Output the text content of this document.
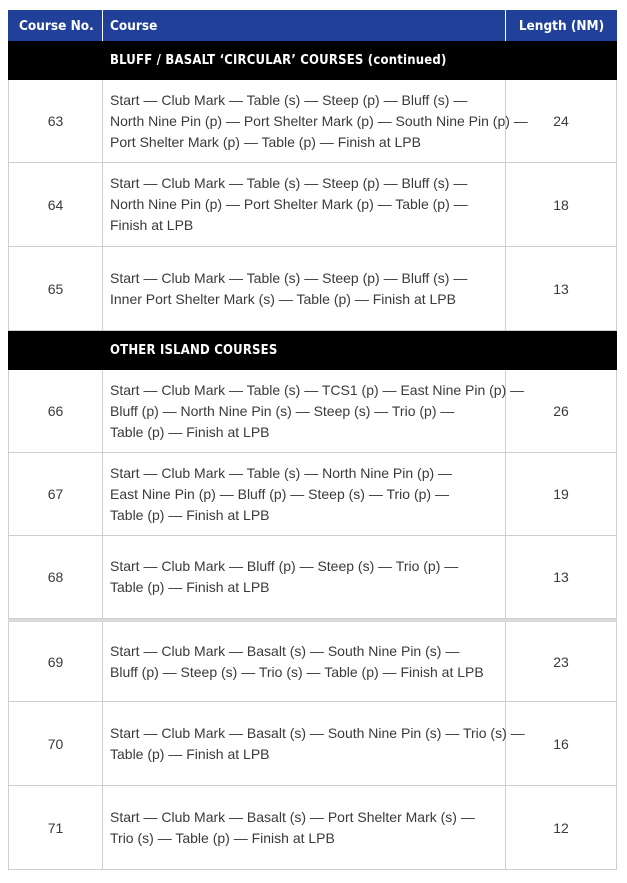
Course No.	Course	Length (NM)
BLUFF / BASALT ‘CIRCULAR’ COURSES (continued)
63
Start — Club Mark — Table (s) — Steep (p) — Bluff (s) —
North Nine Pin (p) — Port Shelter Mark (p) — South Nine Pin (p) —
Port Shelter Mark (p) — Table (p) — Finish at LPB
24
64
Start — Club Mark — Table (s) — Steep (p) — Bluff (s) —
North Nine Pin (p) — Port Shelter Mark (p) — Table (p) —
Finish at LPB
18
65
Start — Club Mark — Table (s) — Steep (p) — Bluff (s) —
Inner Port Shelter Mark (s) — Table (p) — Finish at LPB
13
OTHER ISLAND COURSES
66
Start — Club Mark — Table (s) — TCS1 (p) — East Nine Pin (p) —
Bluff (p) — North Nine Pin (s) — Steep (s) — Trio (p) —
Table (p) — Finish at LPB
26
67
Start — Club Mark — Table (s) — North Nine Pin (p) —
East Nine Pin (p) — Bluff (p) — Steep (s) — Trio (p) —
Table (p) — Finish at LPB
19
68
Start — Club Mark — Bluff (p) — Steep (s) — Trio (p) —
Table (p) — Finish at LPB
13
69
Start — Club Mark — Basalt (s) — South Nine Pin (s) —
Bluff (p) — Steep (s) — Trio (s) — Table (p) — Finish at LPB
23
70
Start — Club Mark — Basalt (s) — South Nine Pin (s) — Trio (s) —
Table (p) — Finish at LPB
16
71
Start — Club Mark — Basalt (s) — Port Shelter Mark (s) —
Trio (s) — Table (p) — Finish at LPB
12
